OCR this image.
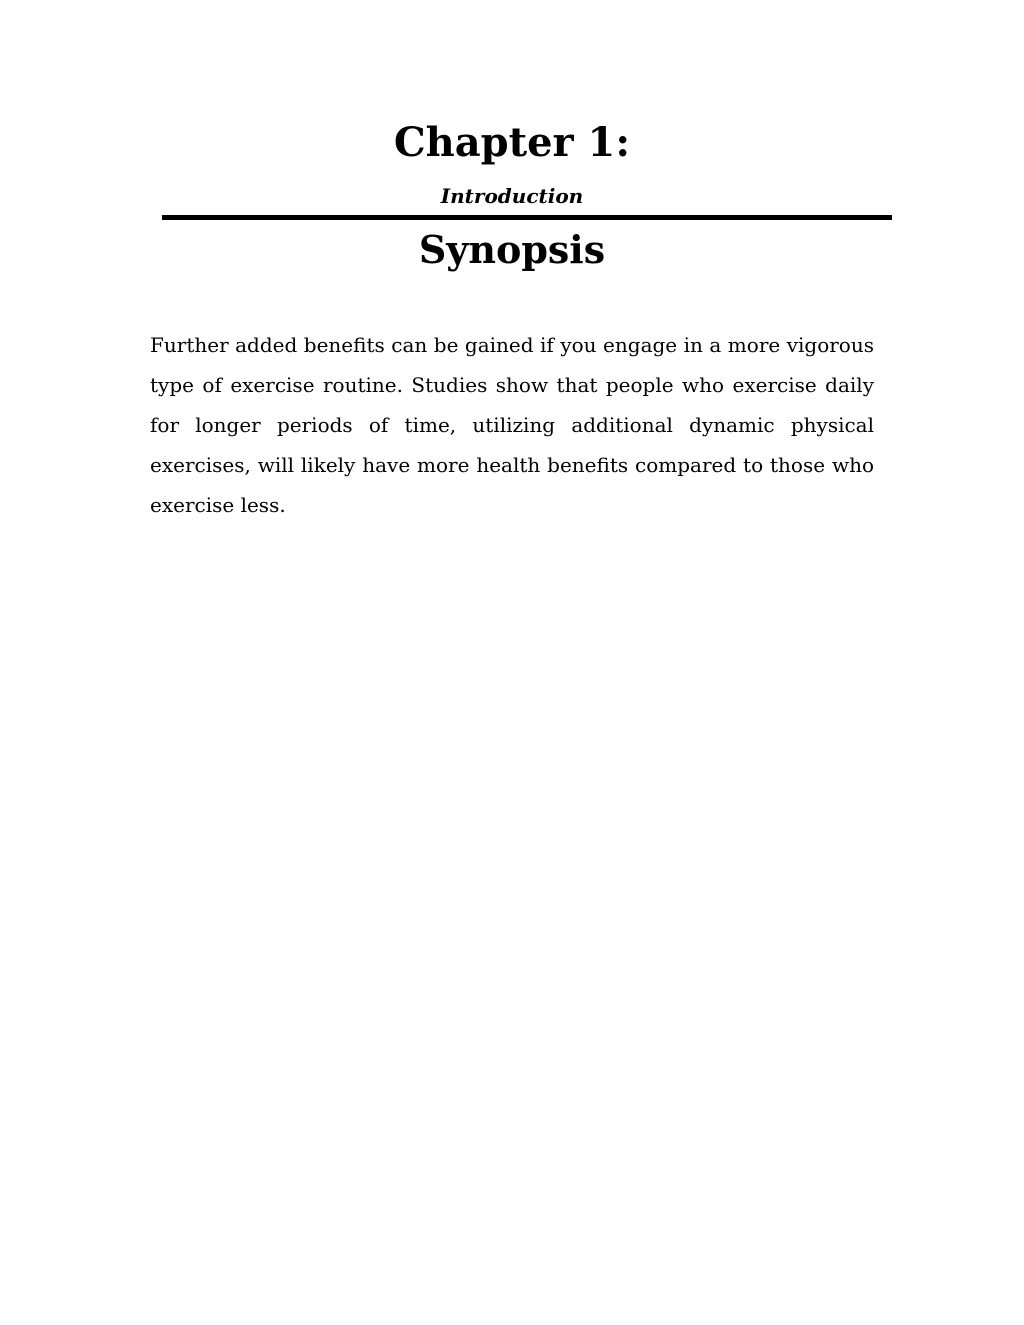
Chapter 1:
Introduction
Synopsis

Further added benefits can be gained if you engage in a more vigorous type of exercise routine. Studies show that people who exercise daily for longer periods of time, utilizing additional dynamic physical exercises, will likely have more health benefits compared to those who exercise less.
